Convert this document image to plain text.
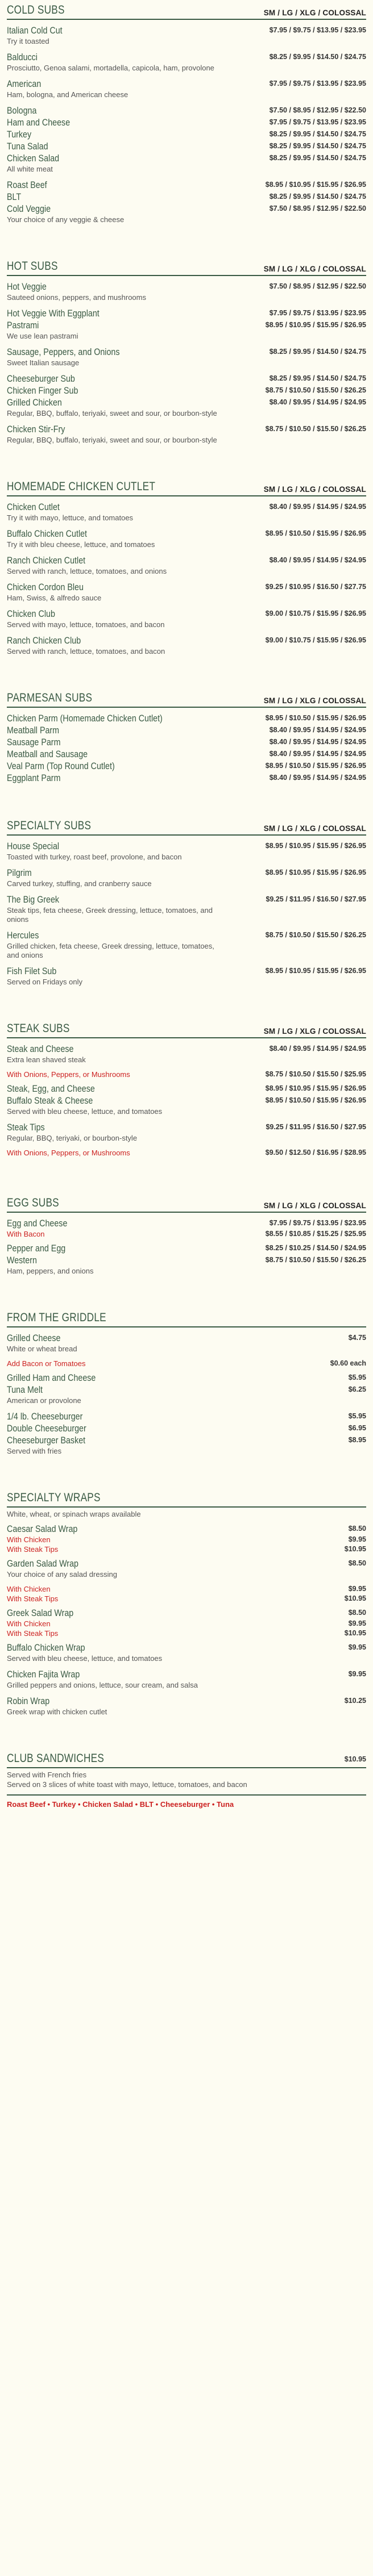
COLD SUBS	SM / LG / XLG / COLOSSAL
Italian Cold Cut	$7.95 / $9.75 / $13.95 / $23.95
Try it toasted
Balducci	$8.25 / $9.95 / $14.50 / $24.75
Prosciutto, Genoa salami, mortadella, capicola, ham, provolone
American	$7.95 / $9.75 / $13.95 / $23.95
Ham, bologna, and American cheese
Bologna	$7.50 / $8.95 / $12.95 / $22.50
Ham and Cheese	$7.95 / $9.75 / $13.95 / $23.95
Turkey	$8.25 / $9.95 / $14.50 / $24.75
Tuna Salad	$8.25 / $9.95 / $14.50 / $24.75
Chicken Salad	$8.25 / $9.95 / $14.50 / $24.75
All white meat
Roast Beef	$8.95 / $10.95 / $15.95 / $26.95
BLT	$8.25 / $9.95 / $14.50 / $24.75
Cold Veggie	$7.50 / $8.95 / $12.95 / $22.50
Your choice of any veggie & cheese
HOT SUBS	SM / LG / XLG / COLOSSAL
Hot Veggie	$7.50 / $8.95 / $12.95 / $22.50
Sauteed onions, peppers, and mushrooms
Hot Veggie With Eggplant	$7.95 / $9.75 / $13.95 / $23.95
Pastrami	$8.95 / $10.95 / $15.95 / $26.95
We use lean pastrami
Sausage, Peppers, and Onions	$8.25 / $9.95 / $14.50 / $24.75
Sweet Italian sausage
Cheeseburger Sub	$8.25 / $9.95 / $14.50 / $24.75
Chicken Finger Sub	$8.75 / $10.50 / $15.50 / $26.25
Grilled Chicken	$8.40 / $9.95 / $14.95 / $24.95
Regular, BBQ, buffalo, teriyaki, sweet and sour, or bourbon-style
Chicken Stir-Fry	$8.75 / $10.50 / $15.50 / $26.25
Regular, BBQ, buffalo, teriyaki, sweet and sour, or bourbon-style
HOMEMADE CHICKEN CUTLET	SM / LG / XLG / COLOSSAL
Chicken Cutlet	$8.40 / $9.95 / $14.95 / $24.95
Try it with mayo, lettuce, and tomatoes
Buffalo Chicken Cutlet	$8.95 / $10.50 / $15.95 / $26.95
Try it with bleu cheese, lettuce, and tomatoes
Ranch Chicken Cutlet	$8.40 / $9.95 / $14.95 / $24.95
Served with ranch, lettuce, tomatoes, and onions
Chicken Cordon Bleu	$9.25 / $10.95 / $16.50 / $27.75
Ham, Swiss, & alfredo sauce
Chicken Club	$9.00 / $10.75 / $15.95 / $26.95
Served with mayo, lettuce, tomatoes, and bacon
Ranch Chicken Club	$9.00 / $10.75 / $15.95 / $26.95
Served with ranch, lettuce, tomatoes, and bacon
PARMESAN SUBS	SM / LG / XLG / COLOSSAL
Chicken Parm (Homemade Chicken Cutlet)	$8.95 / $10.50 / $15.95 / $26.95
Meatball Parm	$8.40 / $9.95 / $14.95 / $24.95
Sausage Parm	$8.40 / $9.95 / $14.95 / $24.95
Meatball and Sausage	$8.40 / $9.95 / $14.95 / $24.95
Veal Parm (Top Round Cutlet)	$8.95 / $10.50 / $15.95 / $26.95
Eggplant Parm	$8.40 / $9.95 / $14.95 / $24.95
SPECIALTY SUBS	SM / LG / XLG / COLOSSAL
House Special	$8.95 / $10.95 / $15.95 / $26.95
Toasted with turkey, roast beef, provolone, and bacon
Pilgrim	$8.95 / $10.95 / $15.95 / $26.95
Carved turkey, stuffing, and cranberry sauce
The Big Greek	$9.25 / $11.95 / $16.50 / $27.95
Steak tips, feta cheese, Greek dressing, lettuce, tomatoes, and onions
Hercules	$8.75 / $10.50 / $15.50 / $26.25
Grilled chicken, feta cheese, Greek dressing, lettuce, tomatoes, and onions
Fish Filet Sub	$8.95 / $10.95 / $15.95 / $26.95
Served on Fridays only
STEAK SUBS	SM / LG / XLG / COLOSSAL
Steak and Cheese	$8.40 / $9.95 / $14.95 / $24.95
Extra lean shaved steak
With Onions, Peppers, or Mushrooms	$8.75 / $10.50 / $15.50 / $25.95
Steak, Egg, and Cheese	$8.95 / $10.95 / $15.95 / $26.95
Buffalo Steak & Cheese	$8.95 / $10.50 / $15.95 / $26.95
Served with bleu cheese, lettuce, and tomatoes
Steak Tips	$9.25 / $11.95 / $16.50 / $27.95
Regular, BBQ, teriyaki, or bourbon-style
With Onions, Peppers, or Mushrooms	$9.50 / $12.50 / $16.95 / $28.95
EGG SUBS	SM / LG / XLG / COLOSSAL
Egg and Cheese	$7.95 / $9.75 / $13.95 / $23.95
With Bacon	$8.55 / $10.85 / $15.25 / $25.95
Pepper and Egg	$8.25 / $10.25 / $14.50 / $24.95
Western	$8.75 / $10.50 / $15.50 / $26.25
Ham, peppers, and onions
FROM THE GRIDDLE
Grilled Cheese	$4.75
White or wheat bread
Add Bacon or Tomatoes	$0.60 each
Grilled Ham and Cheese	$5.95
Tuna Melt	$6.25
American or provolone
1/4 lb. Cheeseburger	$5.95
Double Cheeseburger	$6.95
Cheeseburger Basket	$8.95
Served with fries
SPECIALTY WRAPS
White, wheat, or spinach wraps available
Caesar Salad Wrap	$8.50
With Chicken	$9.95
With Steak Tips	$10.95
Garden Salad Wrap	$8.50
Your choice of any salad dressing
With Chicken	$9.95
With Steak Tips	$10.95
Greek Salad Wrap	$8.50
With Chicken	$9.95
With Steak Tips	$10.95
Buffalo Chicken Wrap	$9.95
Served with bleu cheese, lettuce, and tomatoes
Chicken Fajita Wrap	$9.95
Grilled peppers and onions, lettuce, sour cream, and salsa
Robin Wrap	$10.25
Greek wrap with chicken cutlet
CLUB SANDWICHES	$10.95
Served with French fries
Served on 3 slices of white toast with mayo, lettuce, tomatoes, and bacon
Roast Beef • Turkey • Chicken Salad • BLT • Cheeseburger • Tuna
